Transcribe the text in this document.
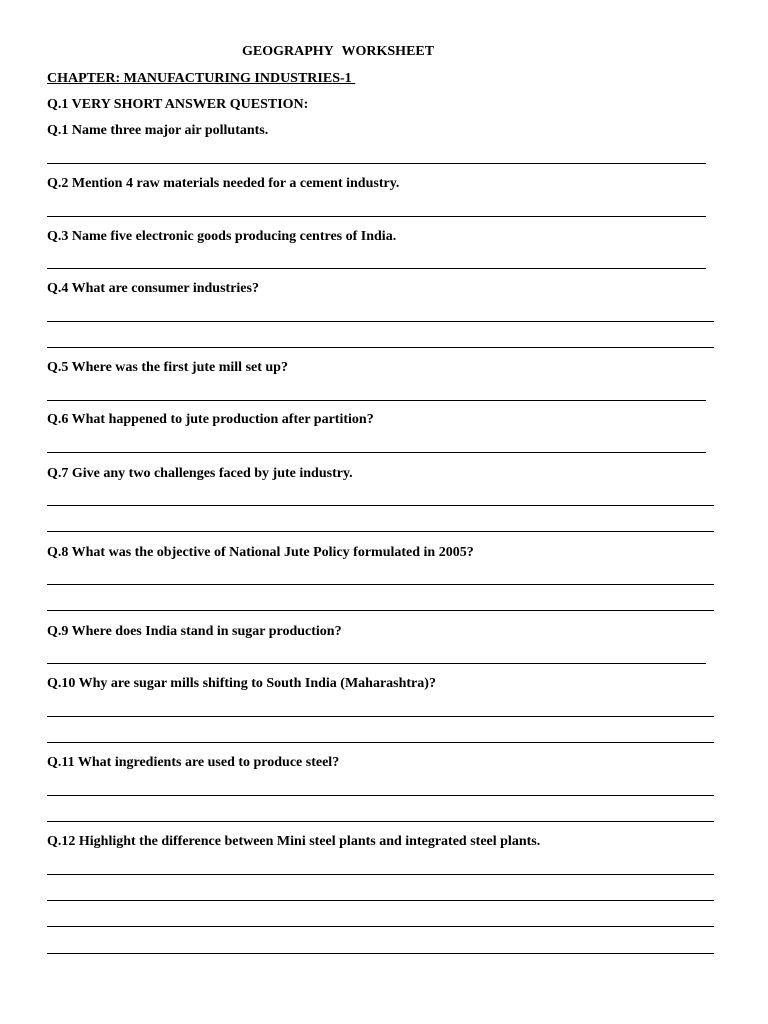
GEOGRAPHY WORKSHEET
CHAPTER: MANUFACTURING INDUSTRIES-1
Q.1 VERY SHORT ANSWER QUESTION:
Q.1 Name three major air pollutants.
Q.2 Mention 4 raw materials needed for a cement industry.
Q.3 Name five electronic goods producing centres of India.
Q.4 What are consumer industries?
Q.5 Where was the first jute mill set up?
Q.6 What happened to jute production after partition?
Q.7 Give any two challenges faced by jute industry.
Q.8 What was the objective of National Jute Policy formulated in 2005?
Q.9 Where does India stand in sugar production?
Q.10 Why are sugar mills shifting to South India (Maharashtra)?
Q.11 What ingredients are used to produce steel?
Q.12 Highlight the difference between Mini steel plants and integrated steel plants.
